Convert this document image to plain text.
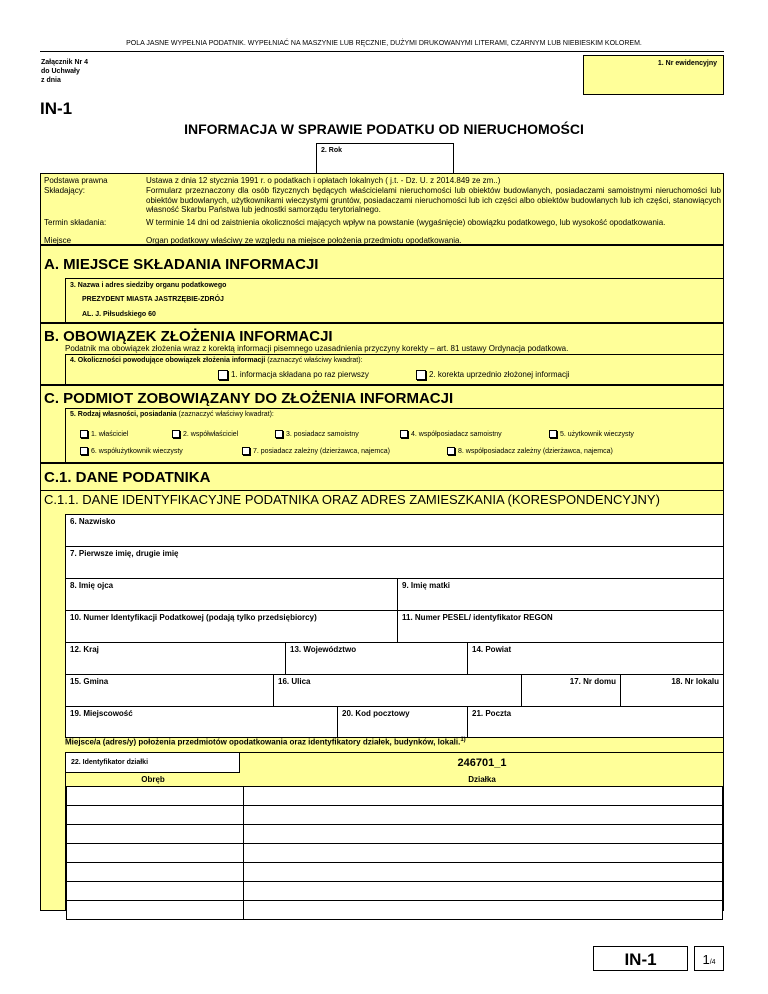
POLA JASNE WYPEŁNIA PODATNIK. WYPEŁNIAĆ NA MASZYNIE LUB RĘCZNIE, DUŻYMI DRUKOWANYMI LITERAMI, CZARNYM LUB NIEBIESKIM KOLOREM.
Załącznik Nr 4
do Uchwały
z dnia
1. Nr ewidencyjny
IN-1
INFORMACJA W SPRAWIE PODATKU OD NIERUCHOMOŚCI
2. Rok
Podstawa prawna	Ustawa z dnia 12 stycznia 1991 r. o podatkach i opłatach lokalnych ( j.t. - Dz. U. z 2014.849 ze zm..)
Składający:	Formularz przeznaczony dla osób fizycznych będących właścicielami nieruchomości lub obiektów budowlanych, posiadaczami samoistnymi nieruchomości lub obiektów budowlanych, użytkownikami wieczystymi gruntów, posiadaczami nieruchomości lub ich części albo obiektów budowlanych lub ich części, stanowiących własność Skarbu Państwa lub jednostki samorządu terytorialnego.
Termin składania:	W terminie 14 dni od zaistnienia okoliczności mających wpływ na powstanie (wygaśnięcie) obowiązku podatkowego, lub wysokość opodatkowania.
Miejsce	Organ podatkowy właściwy ze względu na miejsce położenia przedmiotu opodatkowania.
A. MIEJSCE SKŁADANIA INFORMACJI
3. Nazwa i adres siedziby organu podatkowego
PREZYDENT MIASTA JASTRZĘBIE-ZDRÓJ
AL. J. Piłsudskiego 60
B. OBOWIĄZEK ZŁOŻENIA INFORMACJI
Podatnik ma obowiązek złożenia wraz z korektą informacji pisemnego uzasadnienia przyczyny korekty – art. 81 ustawy Ordynacja podatkowa.
4. Okoliczności powodujące obowiązek złożenia informacji (zaznaczyć właściwy kwadrat):
1. informacja składana po raz pierwszy	2. korekta uprzednio złożonej informacji
C. PODMIOT ZOBOWIĄZANY DO ZŁOŻENIA INFORMACJI
5. Rodzaj własności, posiadania (zaznaczyć właściwy kwadrat):
1. właściciel	2. współwłaściciel	3. posiadacz samoistny	4. współposiadacz samoistny	5. użytkownik wieczysty
6. współużytkownik wieczysty	7. posiadacz zależny (dzierżawca, najemca)	8. współposiadacz zależny (dzierżawca, najemca)
C.1. DANE PODATNIKA
C.1.1. DANE IDENTYFIKACYJNE PODATNIKA ORAZ ADRES ZAMIESZKANIA (KORESPONDENCYJNY)
6. Nazwisko
7. Pierwsze imię, drugie imię
8. Imię ojca	9. Imię matki
10. Numer Identyfikacji Podatkowej (podają tylko przedsiębiorcy)	11. Numer PESEL/ identyfikator REGON
12. Kraj	13. Województwo	14. Powiat
15. Gmina	16. Ulica	17. Nr domu	18. Nr lokalu
19. Miejscowość	20. Kod pocztowy	21. Poczta
Miejsce/a (adres/y) położenia przedmiotów opodatkowania oraz identyfikatory działek, budynków, lokali.$^{1)}$
22. Identyfikator działki	246701_1
Obręb	Działka

IN-1	1/4
